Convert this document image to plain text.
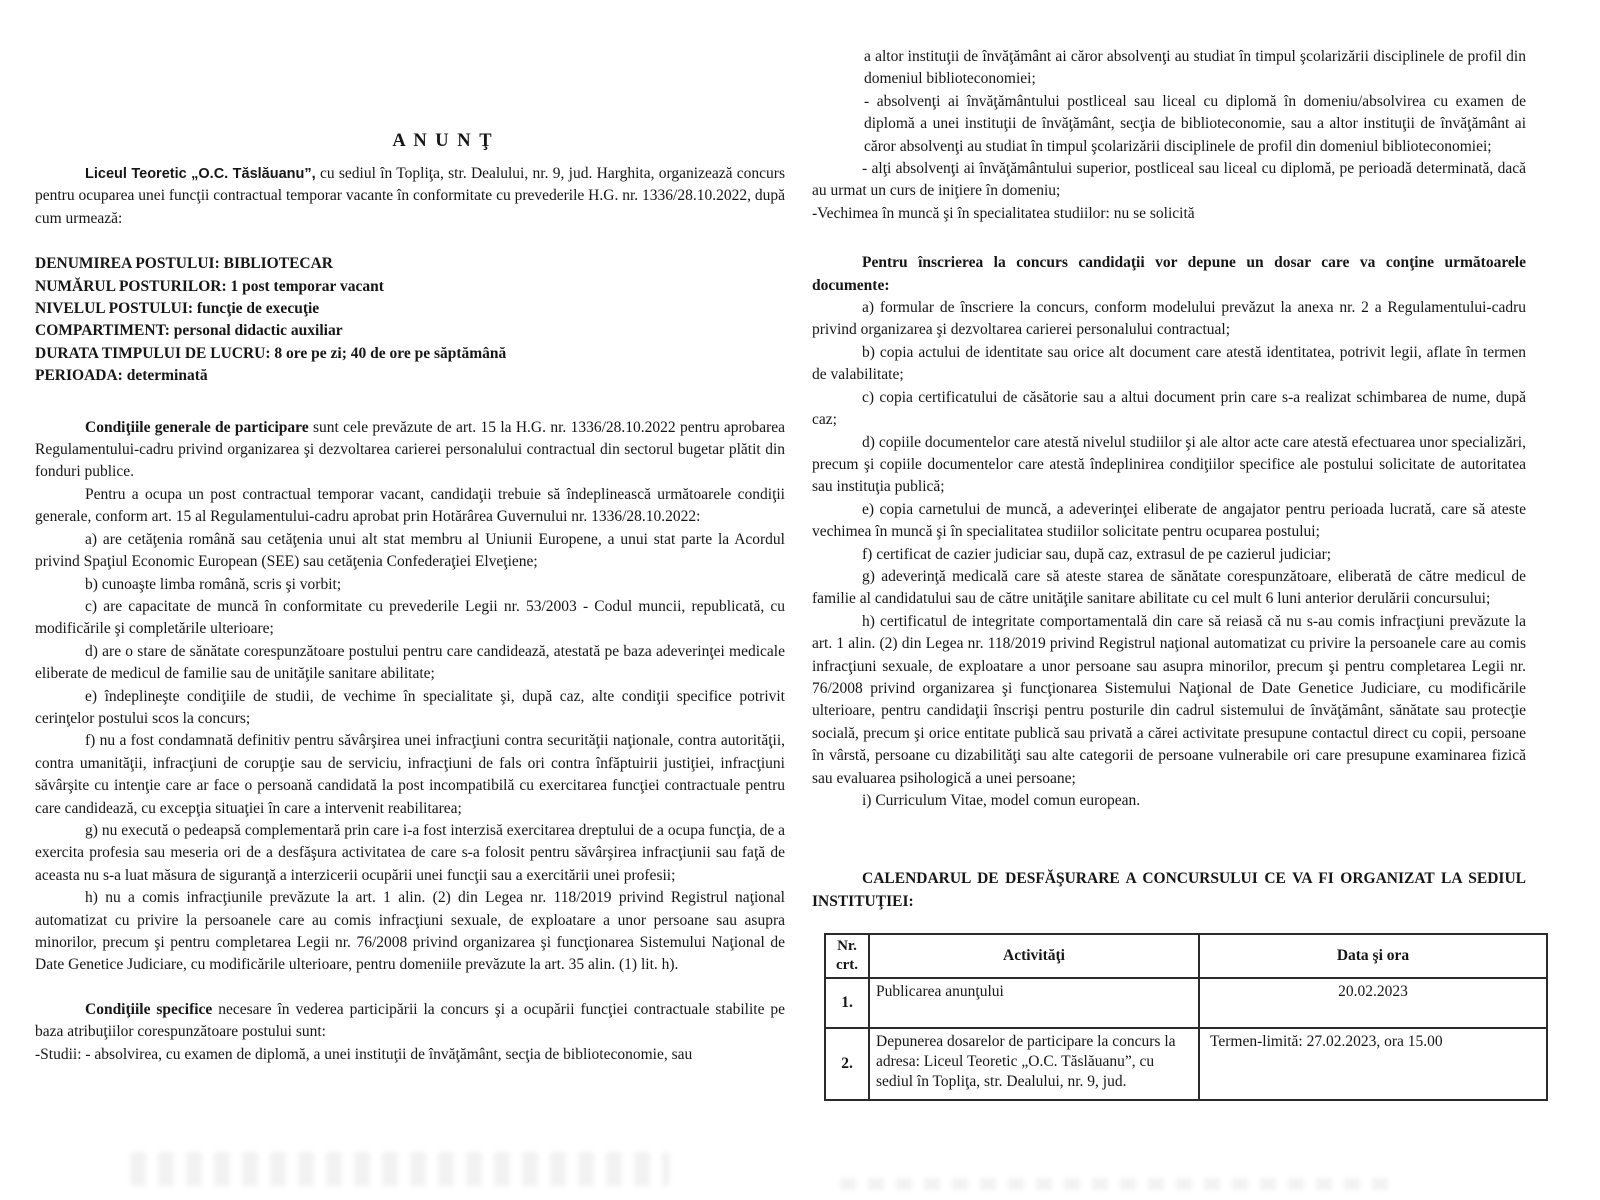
A N U N Ţ

Liceul Teoretic „O.C. Tăslăuanu”, cu sediul în Topliţa, str. Dealului, nr. 9, jud. Harghita, organizează concurs pentru ocuparea unei funcţii contractual temporar vacante în conformitate cu prevederile H.G. nr. 1336/28.10.2022, după cum urmează:

DENUMIREA POSTULUI: BIBLIOTECAR

NUMĂRUL POSTURILOR: 1 post temporar vacant

NIVELUL POSTULUI: funcţie de execuţie

COMPARTIMENT: personal didactic auxiliar

DURATA TIMPULUI DE LUCRU: 8 ore pe zi; 40 de ore pe săptămână

PERIOADA: determinată

Condiţiile generale de participare sunt cele prevăzute de art. 15 la H.G. nr. 1336/28.10.2022 pentru aprobarea Regulamentului-cadru privind organizarea şi dezvoltarea carierei personalului contractual din sectorul bugetar plătit din fonduri publice.

Pentru a ocupa un post contractual temporar vacant, candidaţii trebuie să îndeplinească următoarele condiţii generale, conform art. 15 al Regulamentului-cadru aprobat prin Hotărârea Guvernului nr. 1336/28.10.2022:

a) are cetăţenia română sau cetăţenia unui alt stat membru al Uniunii Europene, a unui stat parte la Acordul privind Spaţiul Economic European (SEE) sau cetăţenia Confederaţiei Elveţiene;

b) cunoaşte limba română, scris şi vorbit;

c) are capacitate de muncă în conformitate cu prevederile Legii nr. 53/2003 - Codul muncii, republicată, cu modificările şi completările ulterioare;

d) are o stare de sănătate corespunzătoare postului pentru care candidează, atestată pe baza adeverinţei medicale eliberate de medicul de familie sau de unităţile sanitare abilitate;

e) îndeplineşte condiţiile de studii, de vechime în specialitate şi, după caz, alte condiţii specifice potrivit cerinţelor postului scos la concurs;

f) nu a fost condamnată definitiv pentru săvârşirea unei infracţiuni contra securităţii naţionale, contra autorităţii, contra umanităţii, infracţiuni de corupţie sau de serviciu, infracţiuni de fals ori contra înfăptuirii justiţiei, infracţiuni săvârşite cu intenţie care ar face o persoană candidată la post incompatibilă cu exercitarea funcţiei contractuale pentru care candidează, cu excepţia situaţiei în care a intervenit reabilitarea;

g) nu execută o pedeapsă complementară prin care i-a fost interzisă exercitarea dreptului de a ocupa funcţia, de a exercita profesia sau meseria ori de a desfăşura activitatea de care s-a folosit pentru săvârşirea infracţiunii sau faţă de aceasta nu s-a luat măsura de siguranţă a interzicerii ocupării unei funcţii sau a exercitării unei profesii;

h) nu a comis infracţiunile prevăzute la art. 1 alin. (2) din Legea nr. 118/2019 privind Registrul naţional automatizat cu privire la persoanele care au comis infracţiuni sexuale, de exploatare a unor persoane sau asupra minorilor, precum şi pentru completarea Legii nr. 76/2008 privind organizarea şi funcţionarea Sistemului Naţional de Date Genetice Judiciare, cu modificările ulterioare, pentru domeniile prevăzute la art. 35 alin. (1) lit. h).

Condiţiile specifice necesare în vederea participării la concurs şi a ocupării funcţiei contractuale stabilite pe baza atribuţiilor corespunzătoare postului sunt:

-Studii: - absolvirea, cu examen de diplomă, a unei instituţii de învăţământ, secţia de biblioteconomie, sau

a altor instituţii de învăţământ ai căror absolvenţi au studiat în timpul şcolarizării disciplinele de profil din domeniul biblioteconomiei;

- absolvenţi ai învăţământului postliceal sau liceal cu diplomă în domeniu/absolvirea cu examen de diplomă a unei instituţii de învăţământ, secţia de biblioteconomie, sau a altor instituţii de învăţământ ai căror absolvenţi au studiat în timpul şcolarizării disciplinele de profil din domeniul biblioteconomiei;

- alţi absolvenţi ai învăţământului superior, postliceal sau liceal cu diplomă, pe perioadă determinată, dacă au urmat un curs de iniţiere în domeniu;

-Vechimea în muncă şi în specialitatea studiilor: nu se solicită

Pentru înscrierea la concurs candidaţii vor depune un dosar care va conţine următoarele documente:

a) formular de înscriere la concurs, conform modelului prevăzut la anexa nr. 2 a Regulamentului-cadru privind organizarea şi dezvoltarea carierei personalului contractual;

b) copia actului de identitate sau orice alt document care atestă identitatea, potrivit legii, aflate în termen de valabilitate;

c) copia certificatului de căsătorie sau a altui document prin care s-a realizat schimbarea de nume, după caz;

d) copiile documentelor care atestă nivelul studiilor şi ale altor acte care atestă efectuarea unor specializări, precum şi copiile documentelor care atestă îndeplinirea condiţiilor specifice ale postului solicitate de autoritatea sau instituţia publică;

e) copia carnetului de muncă, a adeverinţei eliberate de angajator pentru perioada lucrată, care să ateste vechimea în muncă şi în specialitatea studiilor solicitate pentru ocuparea postului;

f) certificat de cazier judiciar sau, după caz, extrasul de pe cazierul judiciar;

g) adeverinţă medicală care să ateste starea de sănătate corespunzătoare, eliberată de către medicul de familie al candidatului sau de către unităţile sanitare abilitate cu cel mult 6 luni anterior derulării concursului;

h) certificatul de integritate comportamentală din care să reiasă că nu s-au comis infracţiuni prevăzute la art. 1 alin. (2) din Legea nr. 118/2019 privind Registrul naţional automatizat cu privire la persoanele care au comis infracţiuni sexuale, de exploatare a unor persoane sau asupra minorilor, precum şi pentru completarea Legii nr. 76/2008 privind organizarea şi funcţionarea Sistemului Naţional de Date Genetice Judiciare, cu modificările ulterioare, pentru candidaţii înscrişi pentru posturile din cadrul sistemului de învăţământ, sănătate sau protecţie socială, precum şi orice entitate publică sau privată a cărei activitate presupune contactul direct cu copii, persoane în vârstă, persoane cu dizabilităţi sau alte categorii de persoane vulnerabile ori care presupune examinarea fizică sau evaluarea psihologică a unei persoane;

i) Curriculum Vitae, model comun european.

CALENDARUL DE DESFĂŞURARE A CONCURSULUI CE VA FI ORGANIZAT LA SEDIUL INSTITUŢIEI:

Nr. crt.	Activităţi	Data şi ora
1.	Publicarea anunţului	20.02.2023
2.	Depunerea dosarelor de participare la concurs la adresa: Liceul Teoretic „O.C. Tăslăuanu”, cu sediul în Topliţa, str. Dealului, nr. 9, jud.	Termen-limită: 27.02.2023, ora 15.00
